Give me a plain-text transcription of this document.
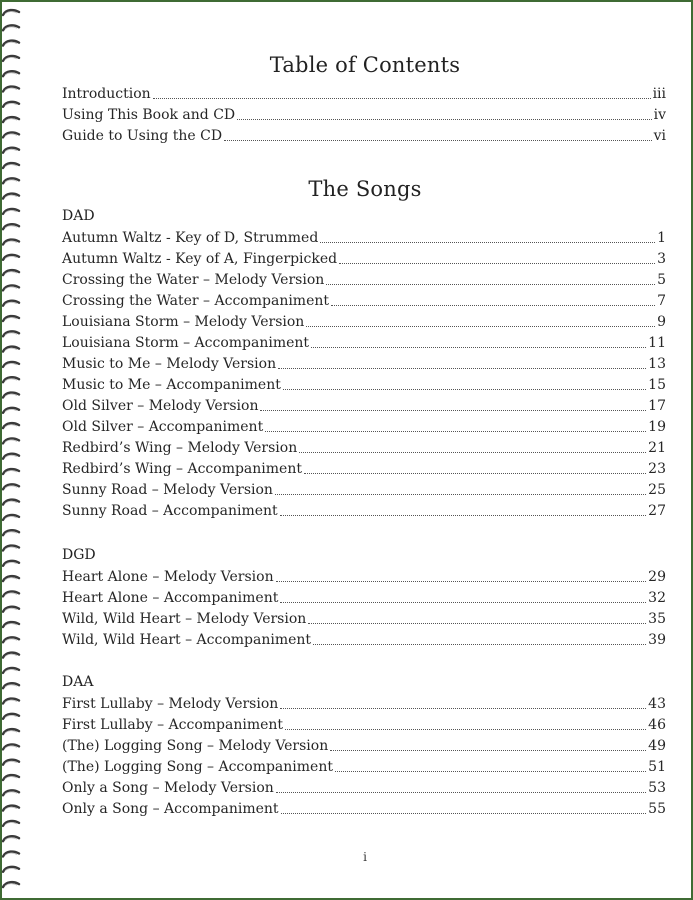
Table of Contents
Introduction	iii
Using This Book and CD	iv
Guide to Using the CD	vi
The Songs
DAD
Autumn Waltz - Key of D, Strummed	1
Autumn Waltz - Key of A, Fingerpicked	3
Crossing the Water – Melody Version	5
Crossing the Water – Accompaniment	7
Louisiana Storm – Melody Version	9
Louisiana Storm – Accompaniment	11
Music to Me – Melody Version	13
Music to Me – Accompaniment	15
Old Silver – Melody Version	17
Old Silver – Accompaniment	19
Redbird’s Wing – Melody Version	21
Redbird’s Wing – Accompaniment	23
Sunny Road – Melody Version	25
Sunny Road – Accompaniment	27
DGD
Heart Alone – Melody Version	29
Heart Alone – Accompaniment	32
Wild, Wild Heart – Melody Version	35
Wild, Wild Heart – Accompaniment	39
DAA
First Lullaby – Melody Version	43
First Lullaby – Accompaniment	46
(The) Logging Song – Melody Version	49
(The) Logging Song – Accompaniment	51
Only a Song – Melody Version	53
Only a Song – Accompaniment	55
i
